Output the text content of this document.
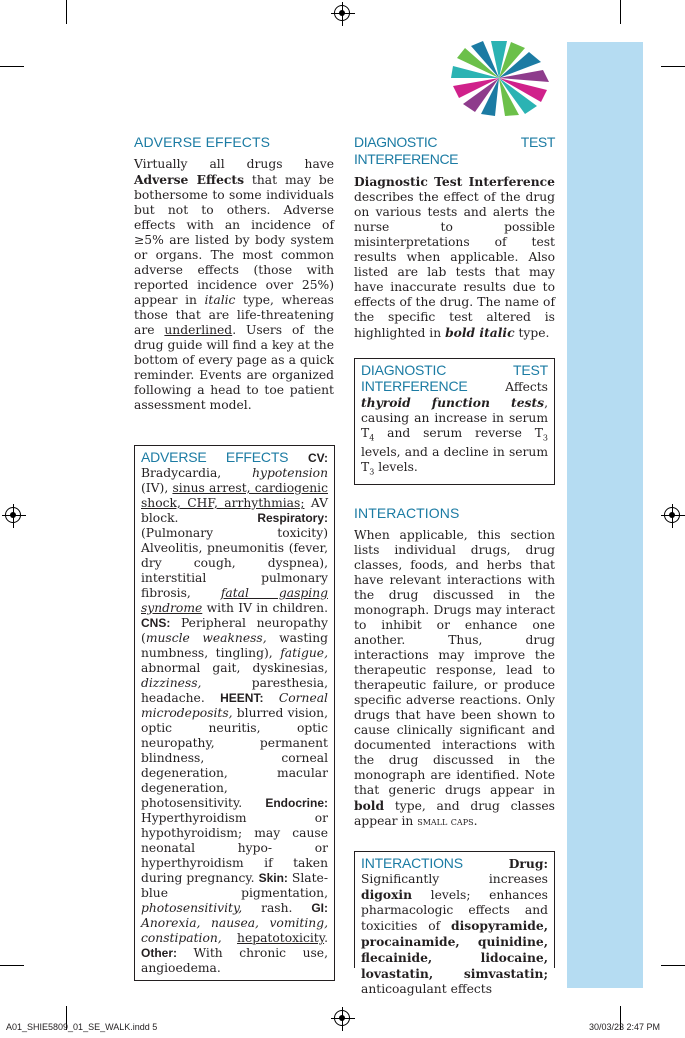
ADVERSE EFFECTS

Virtually all drugs have Adverse Effects that may be bothersome to some individuals but not to others. Adverse effects with an incidence of ≥5% are listed by body system or organs. The most common adverse effects (those with reported incidence over 25%) appear in italic type, whereas those that are life-threatening are underlined. Users of the drug guide will find a key at the bottom of every page as a quick reminder. Events are organized following a head to toe patient assessment model.

ADVERSE EFFECTS CV: Bradycardia, hypotension (IV), sinus arrest, cardiogenic shock, CHF, arrhythmias; AV block. Respiratory: (Pulmonary toxicity) Alveolitis, pneumonitis (fever, dry cough, dyspnea), interstitial pulmonary fibrosis, fatal gasping syndrome with IV in children. CNS: Peripheral neuropathy (muscle weakness, wasting numbness, tingling), fatigue, abnormal gait, dyskinesias, dizziness, paresthesia, headache. HEENT: Corneal microdeposits, blurred vision, optic neuritis, optic neuropathy, permanent blindness, corneal degeneration, macular degeneration, photosensitivity. Endocrine: Hyperthyroidism or hypothyroidism; may cause neonatal hypo- or hyperthyroidism if taken during pregnancy. Skin: Slate-blue pigmentation, photosensitivity, rash. GI: Anorexia, nausea, vomiting, constipation, hepatotoxicity. Other: With chronic use, angioedema.
DIAGNOSTIC TEST INTERFERENCE

Diagnostic Test Interference describes the effect of the drug on various tests and alerts the nurse to possible misinterpretations of test results when applicable. Also listed are lab tests that may have inaccurate results due to effects of the drug. The name of the specific test altered is highlighted in bold italic type.

DIAGNOSTIC TEST INTERFERENCE Affects thyroid function tests, causing an increase in serum $T_4$ and serum reverse $T_3$ levels, and a decline in serum $T_3$ levels.
INTERACTIONS

When applicable, this section lists individual drugs, drug classes, foods, and herbs that have relevant interactions with the drug discussed in the monograph. Drugs may interact to inhibit or enhance one another. Thus, drug interactions may improve the therapeutic response, lead to therapeutic failure, or produce specific adverse reactions. Only drugs that have been shown to cause clinically significant and documented interactions with the drug discussed in the monograph are identified. Note that generic drugs appear in bold type, and drug classes appear in small caps.

INTERACTIONS	Drug: Significantly increases digoxin levels; enhances pharmacologic effects and toxicities of disopyramide, procainamide, quinidine, flecainide, lidocaine, lovastatin, simvastatin; anticoagulant effects
A01_SHIE5809_01_SE_WALK.indd 5	30/03/23 2:47 PM
